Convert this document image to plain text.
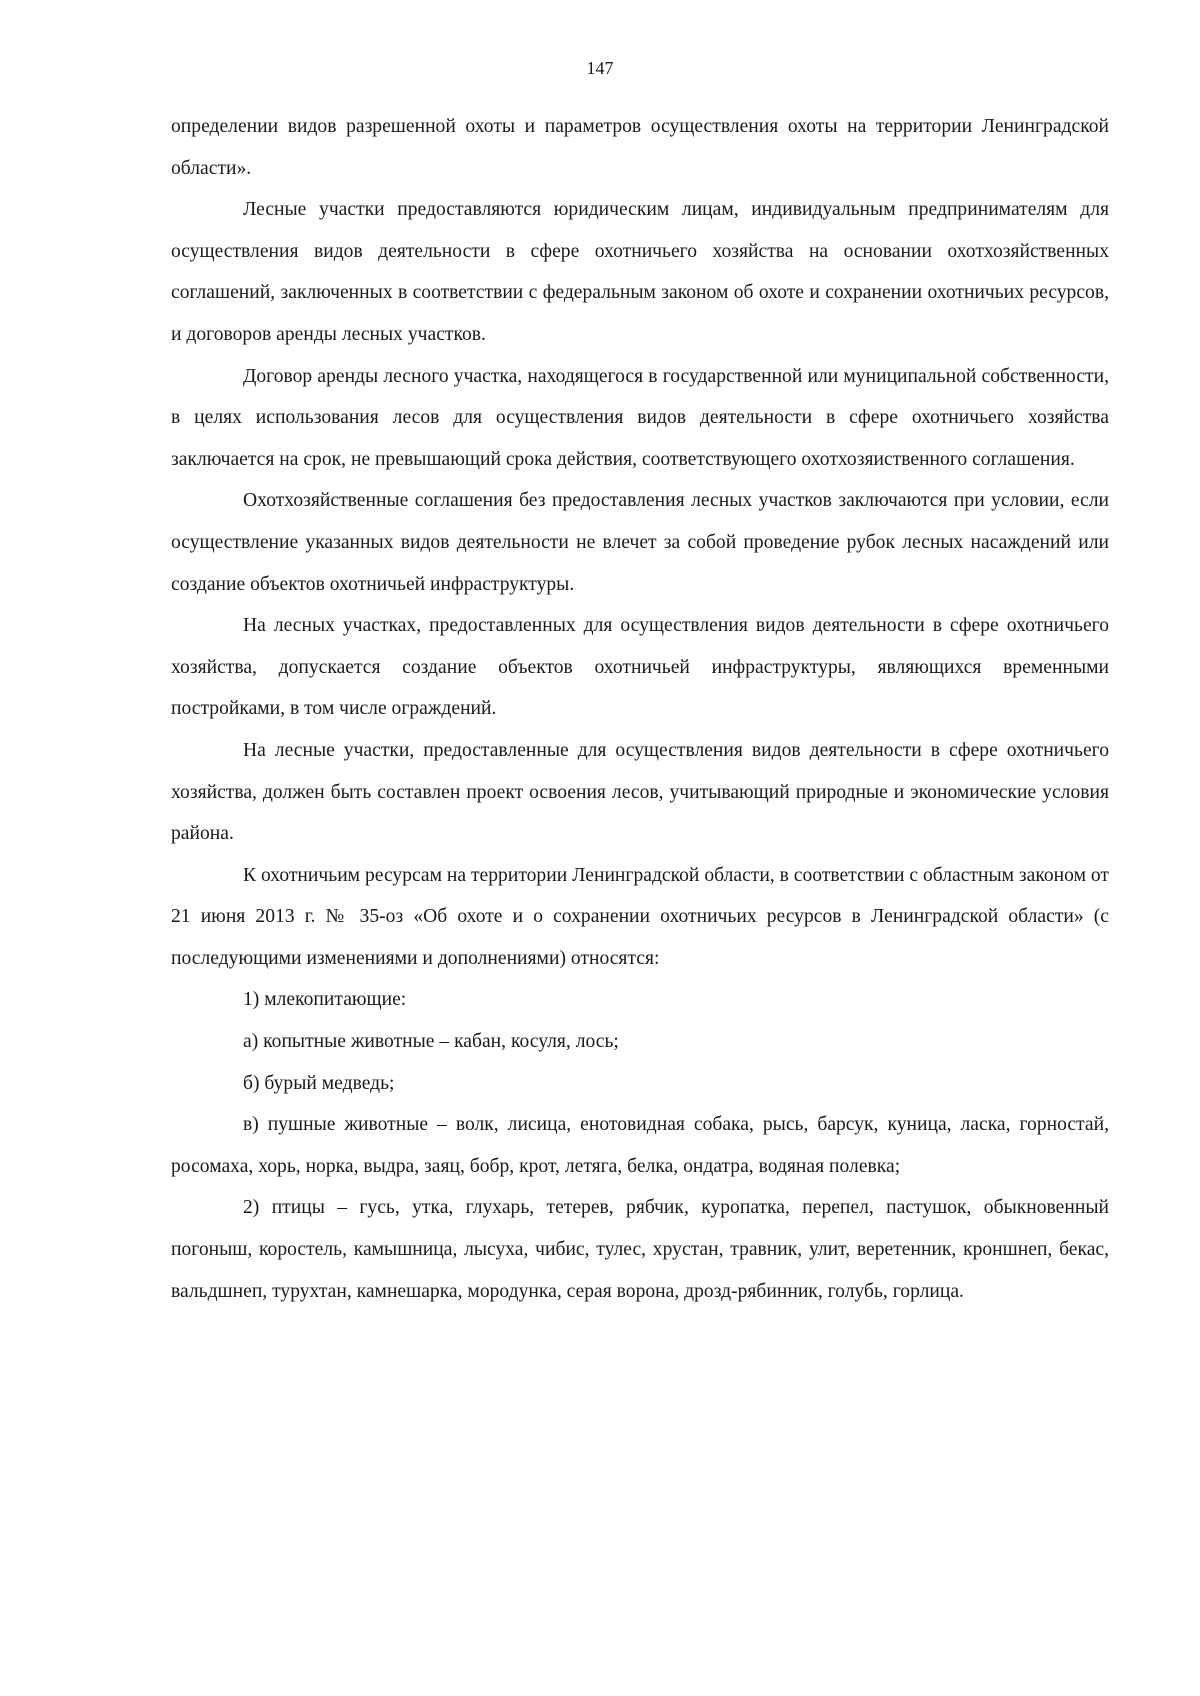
147

определении видов разрешенной охоты и параметров осуществления охоты на территории Ленинградской области».

Лесные участки предоставляются юридическим лицам, индивидуальным предпринимателям для осуществления видов деятельности в сфере охотничьего хозяйства на основании охотхозяйственных соглашений, заключенных в соответствии с федеральным законом об охоте и сохранении охотничьих ресурсов, и договоров аренды лесных участков.

Договор аренды лесного участка, находящегося в государственной или муниципальной собственности, в целях использования лесов для осуществления видов деятельности в сфере охотничьего хозяйства заключается на срок, не превышающий срока действия, соответствующего охотхозяиственного соглашения.

Охотхозяйственные соглашения без предоставления лесных участков заключаются при условии, если осуществление указанных видов деятельности не влечет за собой проведение рубок лесных насаждений или создание объектов охотничьей инфраструктуры.

На лесных участках, предоставленных для осуществления видов деятельности в сфере охотничьего хозяйства, допускается создание объектов охотничьей инфраструктуры, являющихся временными постройками, в том числе ограждений.

На лесные участки, предоставленные для осуществления видов деятельности в сфере охотничьего хозяйства, должен быть составлен проект освоения лесов, учитывающий природные и экономические условия района.

К охотничьим ресурсам на территории Ленинградской области, в соответствии с областным законом от 21 июня 2013 г. № 35-оз «Об охоте и о сохранении охотничьих ресурсов в Ленинградской области» (с последующими изменениями и дополнениями) относятся:

1) млекопитающие:

а) копытные животные – кабан, косуля, лось;

б) бурый медведь;

в) пушные животные – волк, лисица, енотовидная собака, рысь, барсук, куница, ласка, горностай, росомаха, хорь, норка, выдра, заяц, бобр, крот, летяга, белка, ондатра, водяная полевка;

2) птицы – гусь, утка, глухарь, тетерев, рябчик, куропатка, перепел, пастушок, обыкновенный погоныш, коростель, камышница, лысуха, чибис, тулес, хрустан, травник, улит, веретенник, кроншнеп, бекас, вальдшнеп, турухтан, камнешарка, мородунка, серая ворона, дрозд-рябинник, голубь, горлица.
